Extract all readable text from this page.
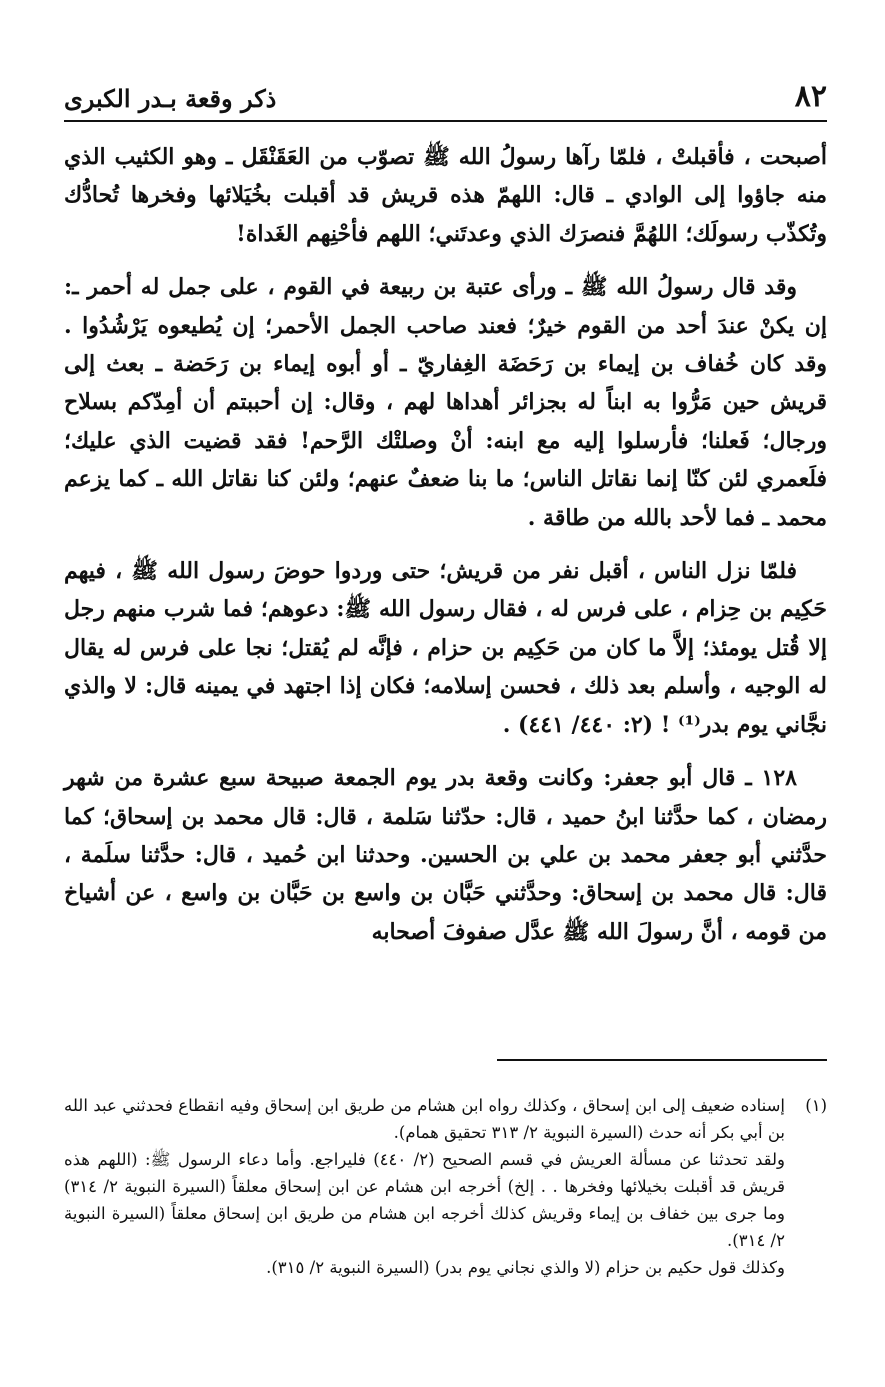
٨٢
ذكر وقعة بـدر الكبرى

أصبحت ، فأقبلتْ ، فلمّا رآها رسولُ الله ﷺ تصوّب من العَقَنْقَل ـ وهو الكثيب الذي منه جاؤوا إلى الوادي ـ قال: اللهمّ هذه قريش قد أقبلت بخُيَلائها وفخرها تُحادُّك وتُكذّب رسولَك؛ اللهُمَّ فنصرَك الذي وعدتَني؛ اللهم فأحْنِهم الغَداة!

وقد قال رسولُ الله ﷺ ـ ورأى عتبة بن ربيعة في القوم ، على جمل له أحمر ـ: إن يكنْ عندَ أحد من القوم خيرٌ؛ فعند صاحب الجمل الأحمر؛ إن يُطيعوه يَرْشُدُوا . وقد كان خُفاف بن إيماء بن رَحَضَة الغِفاريّ ـ أو أبوه إيماء بن رَحَضة ـ بعث إلى قريش حين مَرُّوا به ابناً له بجزائر أهداها لهم ، وقال: إن أحببتم أن أمِدّكم بسلاح ورجال؛ فَعلنا؛ فأرسلوا إليه مع ابنه: أنْ وصلتْك الرَّحم! فقد قضيت الذي عليك؛ فلَعمري لئن كنّا إنما نقاتل الناس؛ ما بنا ضعفٌ عنهم؛ ولئن كنا نقاتل الله ـ كما يزعم محمد ـ فما لأحد بالله من طاقة .

فلمّا نزل الناس ، أقبل نفر من قريش؛ حتى وردوا حوضَ رسول الله ﷺ ، فيهم حَكِيم بن حِزام ، على فرس له ، فقال رسول الله ﷺ: دعوهم؛ فما شرب منهم رجل إلا قُتل يومئذ؛ إلاَّ ما كان من حَكِيم بن حزام ، فإنَّه لم يُقتل؛ نجا على فرس له يقال له الوجيه ، وأسلم بعد ذلك ، فحسن إسلامه؛ فكان إذا اجتهد في يمينه قال: لا والذي نجَّاني يوم بدر⁽¹⁾ ! (٢: ٤٤٠/ ٤٤١) .

١٢٨ ـ قال أبو جعفر: وكانت وقعة بدر يوم الجمعة صبيحة سبع عشرة من شهر رمضان ، كما حدَّثنا ابنُ حميد ، قال: حدّثنا سَلمة ، قال: قال محمد بن إسحاق؛ كما حدَّثني أبو جعفر محمد بن علي بن الحسين. وحدثنا ابن حُميد ، قال: حدَّثنا سلَمة ، قال: قال محمد بن إسحاق: وحدَّثني حَبَّان بن واسع بن حَبَّان بن واسع ، عن أشياخ من قومه ، أنَّ رسولَ الله ﷺ عدَّل صفوفَ أصحابه

(١)

إسناده ضعيف إلى ابن إسحاق ، وكذلك رواه ابن هشام من طريق ابن إسحاق وفيه انقطاع فحدثني عبد الله بن أبي بكر أنه حدث (السيرة النبوية ٢/ ٣١٣ تحقيق همام).

ولقد تحدثنا عن مسألة العريش في قسم الصحيح (٢/ ٤٤٠) فليراجع. وأما دعاء الرسول ﷺ: (اللهم هذه قريش قد أقبلت بخيلائها وفخرها . . إلخ) أخرجه ابن هشام عن ابن إسحاق معلقاً (السيرة النبوية ٢/ ٣١٤) وما جرى بين خفاف بن إيماء وقريش كذلك أخرجه ابن هشام من طريق ابن إسحاق معلقاً (السيرة النبوية ٢/ ٣١٤).

وكذلك قول حكيم بن حزام (لا والذي نجاني يوم بدر) (السيرة النبوية ٢/ ٣١٥).
